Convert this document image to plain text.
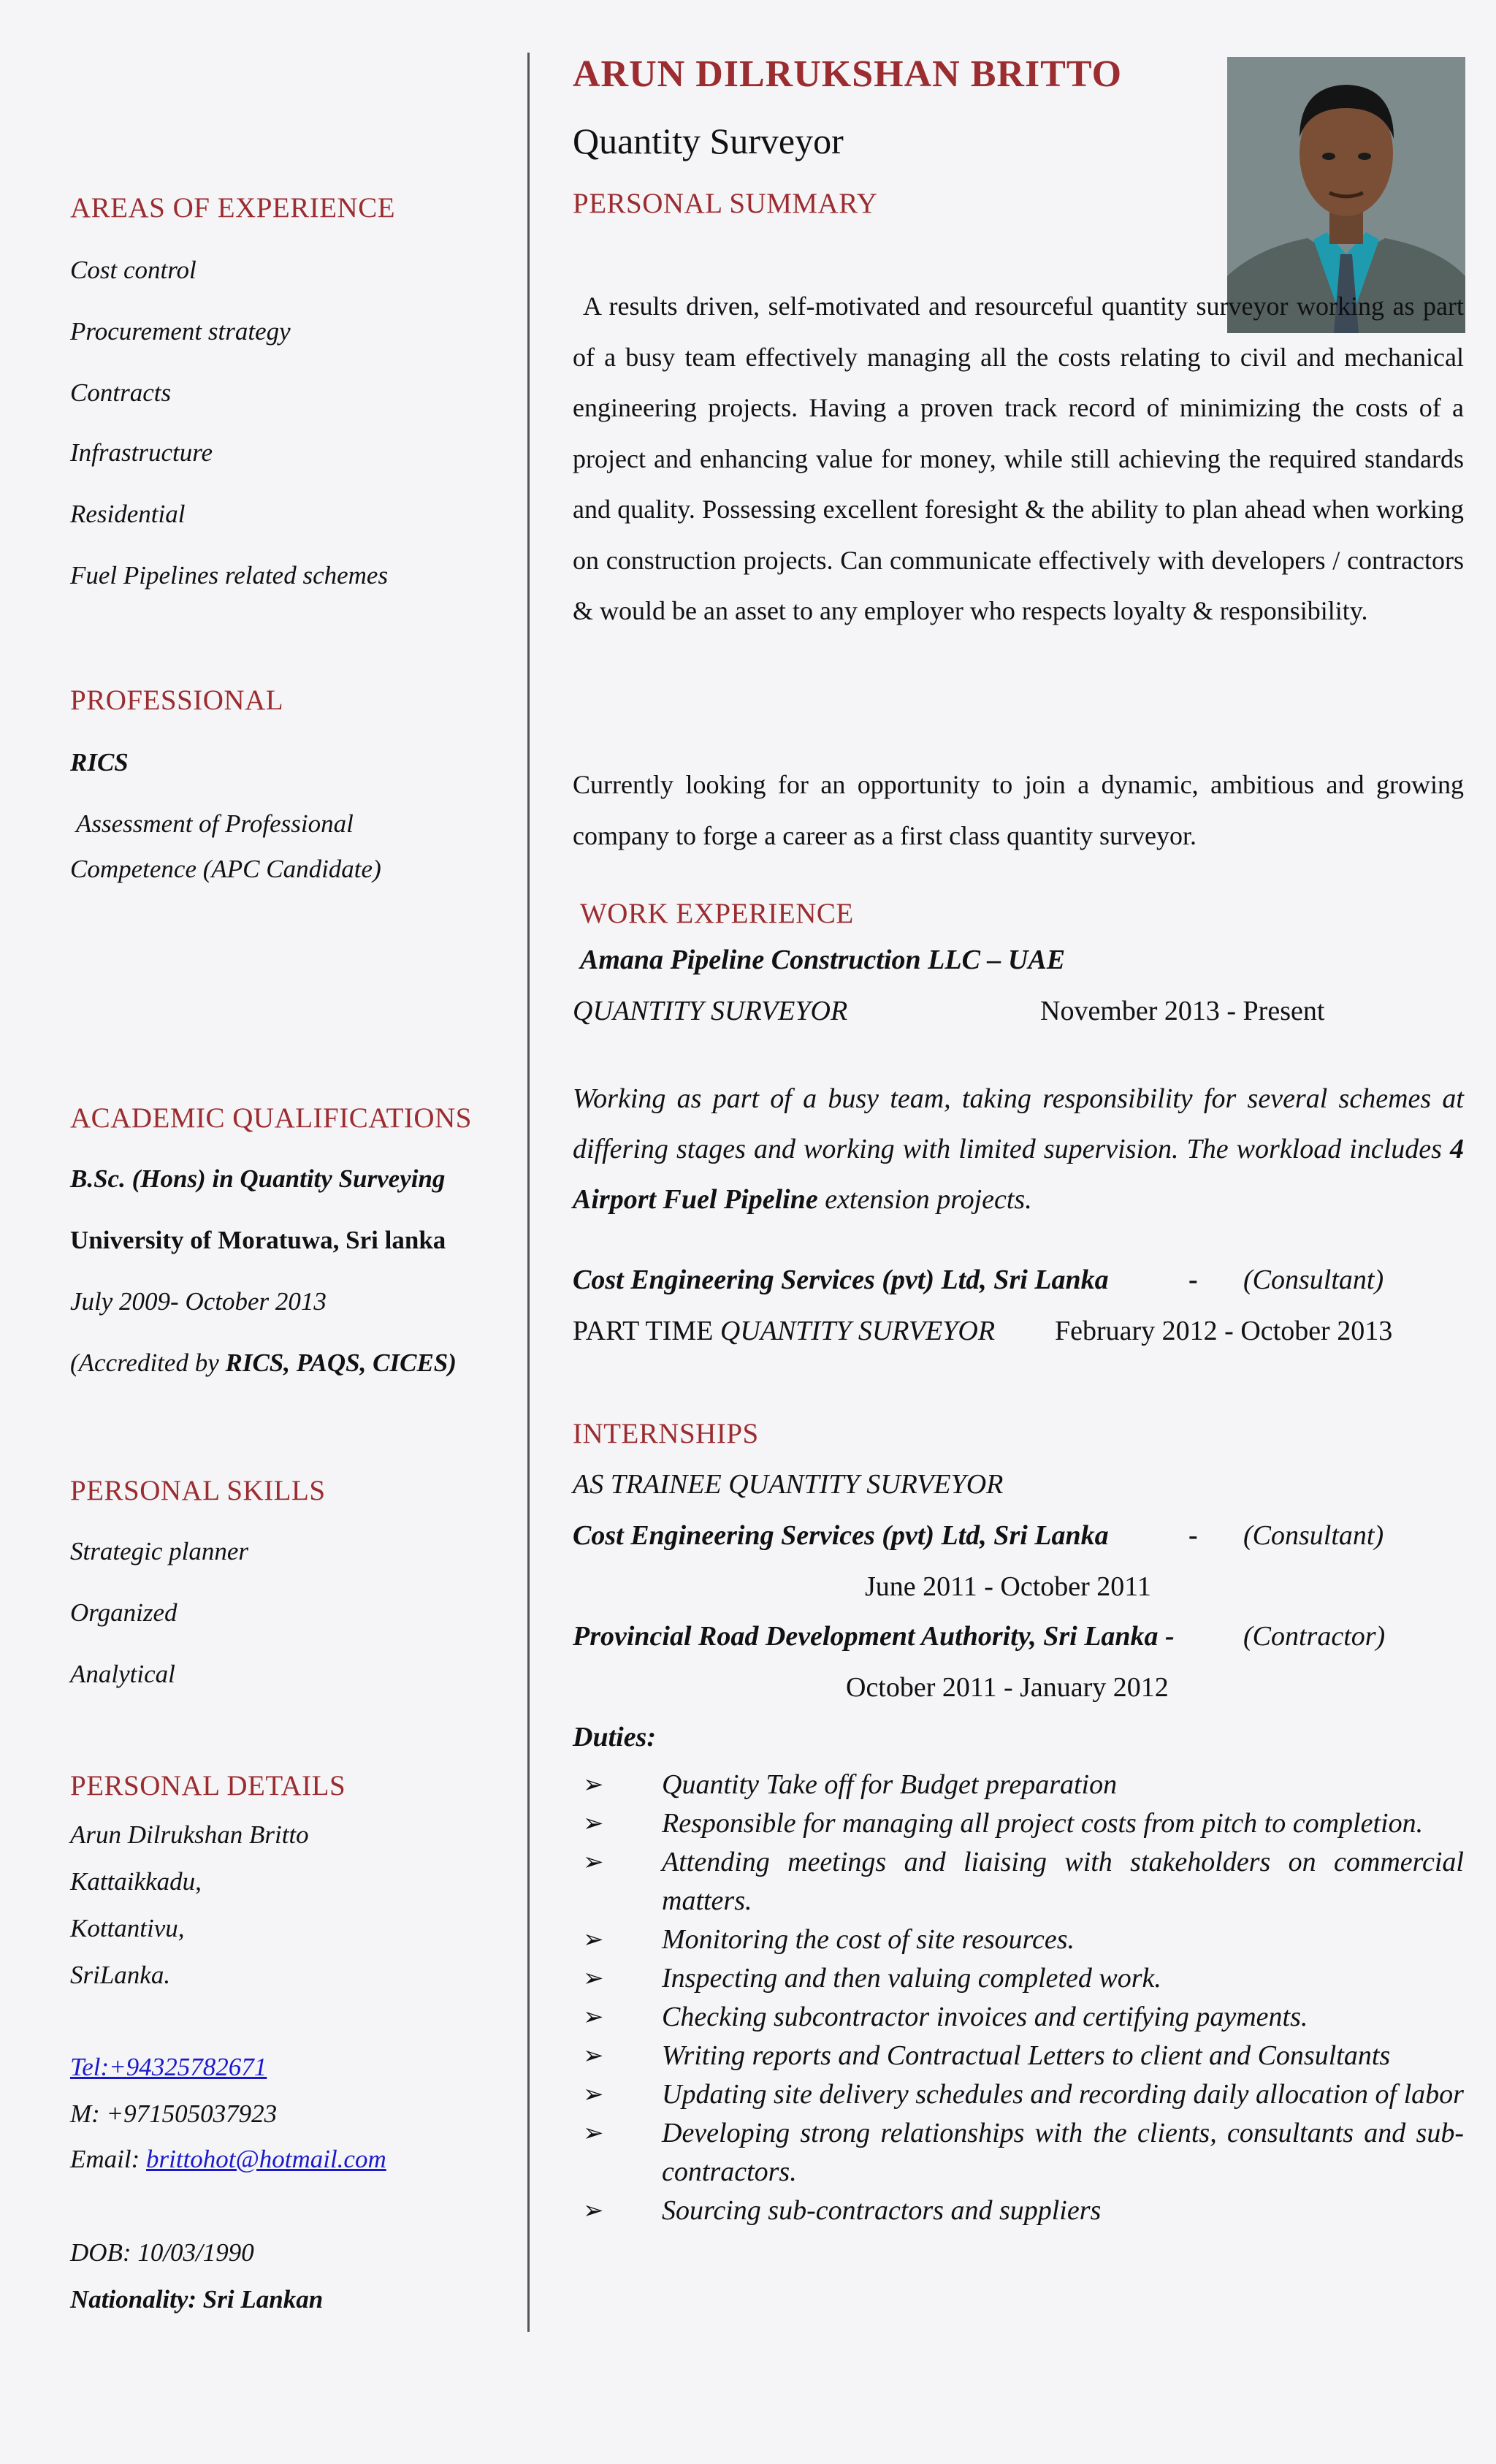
AREAS OF EXPERIENCE
Cost control
Procurement strategy
Contracts
Infrastructure
Residential
Fuel Pipelines related schemes
PROFESSIONAL
RICS
Assessment of Professional
Competence (APC Candidate)
ACADEMIC QUALIFICATIONS
B.Sc. (Hons) in Quantity Surveying
University of Moratuwa, Sri lanka
July 2009- October 2013
(Accredited by RICS, PAQS, CICES)
PERSONAL SKILLS
Strategic planner
Organized
Analytical
PERSONAL DETAILS
Arun Dilrukshan Britto
Kattaikkadu,
Kottantivu,
SriLanka.
Tel:+94325782671
M: +971505037923
Email: brittohot@hotmail.com
DOB: 10/03/1990
Nationality: Sri Lankan
ARUN DILRUKSHAN BRITTO
Quantity Surveyor
PERSONAL SUMMARY
A results driven, self-motivated and resourceful quantity surveyor working as part of a busy team effectively managing all the costs relating to civil and mechanical engineering projects. Having a proven track record of minimizing the costs of a project and enhancing value for money, while still achieving the required standards and quality. Possessing excellent foresight & the ability to plan ahead when working on construction projects. Can communicate effectively with developers / contractors & would be an asset to any employer who respects loyalty & responsibility.
Currently looking for an opportunity to join a dynamic, ambitious and growing company to forge a career as a first class quantity surveyor.
WORK EXPERIENCE
Amana Pipeline Construction LLC – UAE
QUANTITY SURVEYOR	November 2013 - Present
Working as part of a busy team, taking responsibility for several schemes at differing stages and working with limited supervision. The workload includes 4 Airport Fuel Pipeline extension projects.
Cost Engineering Services (pvt) Ltd, Sri Lanka	- (Consultant)
PART TIME QUANTITY SURVEYOR February 2012 - October 2013
INTERNSHIPS
AS TRAINEE QUANTITY SURVEYOR
Cost Engineering Services (pvt) Ltd, Sri Lanka	- (Consultant)
June 2011 - October 2011
Provincial Road Development Authority, Sri Lanka - (Contractor)
October 2011 - January 2012
Duties:
➢ Quantity Take off for Budget preparation
➢ Responsible for managing all project costs from pitch to completion.
➢ Attending meetings and liaising with stakeholders on commercial matters.
➢ Monitoring the cost of site resources.
➢ Inspecting and then valuing completed work.
➢ Checking subcontractor invoices and certifying payments.
➢ Writing reports and Contractual Letters to client and Consultants
➢ Updating site delivery schedules and recording daily allocation of labor
➢ Developing strong relationships with the clients, consultants and sub-contractors.
➢ Sourcing sub-contractors and suppliers
